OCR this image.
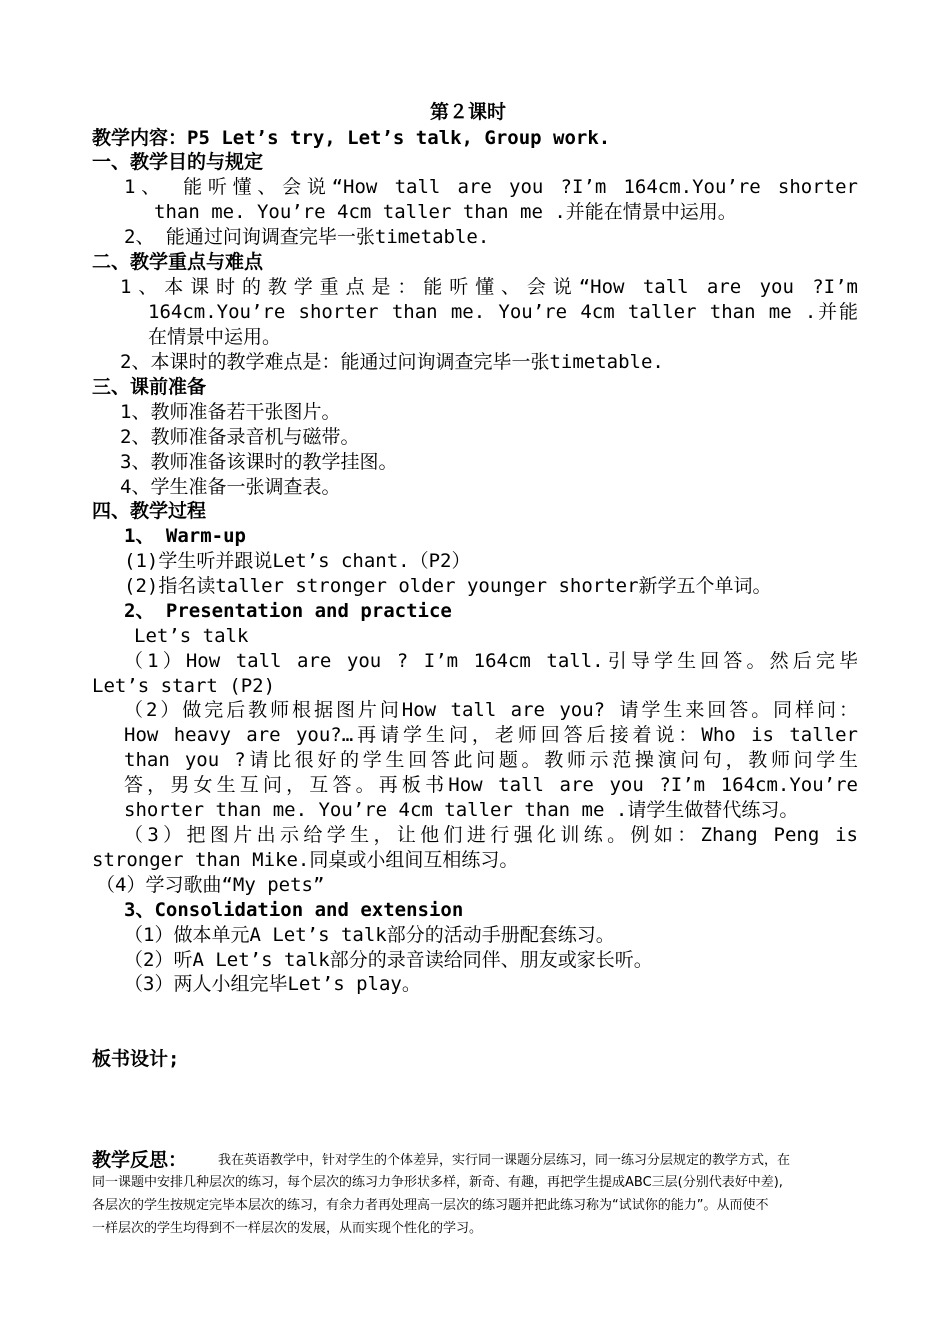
第２课时
教学内容：P5 Let’s try, Let’s talk, Group work.
一、教学目的与规定
1、 能听懂、会说“How tall are you ?I’m 164cm.You’re shorter
than me. You’re 4cm taller than me .并能在情景中运用。
2、 能通过问询调查完毕一张timetable.
二、教学重点与难点
1、本课时的教学重点是：能听懂、会说“How tall are you ?I’m
164cm.You’re shorter than me. You’re 4cm taller than me .并能
在情景中运用。
2、本课时的教学难点是：能通过问询调查完毕一张timetable.
三、课前准备
1、教师准备若干张图片。
2、教师准备录音机与磁带。
3、教师准备该课时的教学挂图。
4、学生准备一张调查表。
四、教学过程
1、 Warm-up
(1)学生听并跟说Let’s chant.（P2）
(2)指名读taller stronger older younger shorter新学五个单词。
2、 Presentation and practice
Let’s talk
（1）How tall are you ? I’m 164cm tall.引导学生回答。然后完毕
Let’s start (P2)
（2）做完后教师根据图片问How tall are you? 请学生来回答。同样问：
How heavy are you?…再请学生问，老师回答后接着说：Who is taller
than you ?请比很好的学生回答此问题。教师示范操演问句，教师问学生
答，男女生互问，互答。再板书How tall are you ?I’m 164cm.You’re
shorter than me. You’re 4cm taller than me .请学生做替代练习。
（3）把图片出示给学生，让他们进行强化训练。例如：Zhang Peng is
stronger than Mike.同桌或小组间互相练习。
（4）学习歌曲“My pets”
3、Consolidation and extension
（1）做本单元A Let’s talk部分的活动手册配套练习。
（2）听A Let’s talk部分的录音读给同伴、朋友或家长听。
（3）两人小组完毕Let’s play。
板书设计;
教学反思： 我在英语教学中，针对学生的个体差异，实行同一课题分层练习，同一练习分层规定的教学方式，在
同一课题中安排几种层次的练习，每个层次的练习力争形状多样，新奇、有趣，再把学生提成ABC三层(分别代表好中差),
各层次的学生按规定完毕本层次的练习，有余力者再处理高一层次的练习题并把此练习称为“试试你的能力”。从而使不
一样层次的学生均得到不一样层次的发展，从而实现个性化的学习。
